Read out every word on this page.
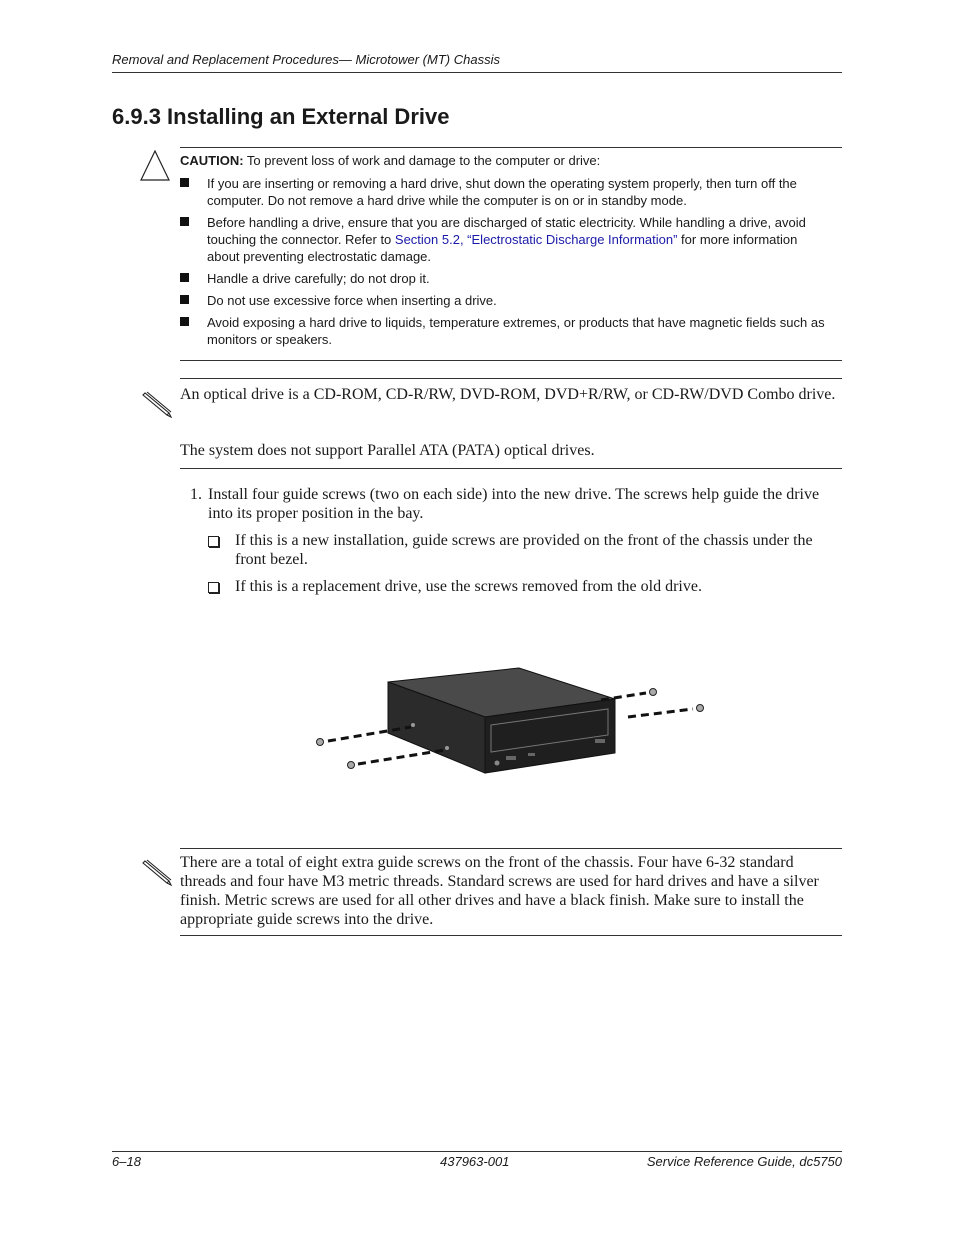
Removal and Replacement Procedures— Microtower (MT) Chassis
6.9.3 Installing an External Drive
CAUTION: To prevent loss of work and damage to the computer or drive:
If you are inserting or removing a hard drive, shut down the operating system properly, then turn off the computer. Do not remove a hard drive while the computer is on or in standby mode.
Before handling a drive, ensure that you are discharged of static electricity. While handling a drive, avoid touching the connector. Refer to Section 5.2, “Electrostatic Discharge Information” for more information about preventing electrostatic damage.
Handle a drive carefully; do not drop it.
Do not use excessive force when inserting a drive.
Avoid exposing a hard drive to liquids, temperature extremes, or products that have magnetic fields such as monitors or speakers.

An optical drive is a CD-ROM, CD-R/RW, DVD-ROM, DVD+R/RW, or CD-RW/DVD Combo drive.

The system does not support Parallel ATA (PATA) optical drives.

1. Install four guide screws (two on each side) into the new drive. The screws help guide the drive into its proper position in the bay.
If this is a new installation, guide screws are provided on the front of the chassis under the front bezel.
If this is a replacement drive, use the screws removed from the old drive.

There are a total of eight extra guide screws on the front of the chassis. Four have 6-32 standard threads and four have M3 metric threads. Standard screws are used for hard drives and have a silver finish. Metric screws are used for all other drives and have a black finish. Make sure to install the appropriate guide screws into the drive.

6–18	437963-001	Service Reference Guide, dc5750
